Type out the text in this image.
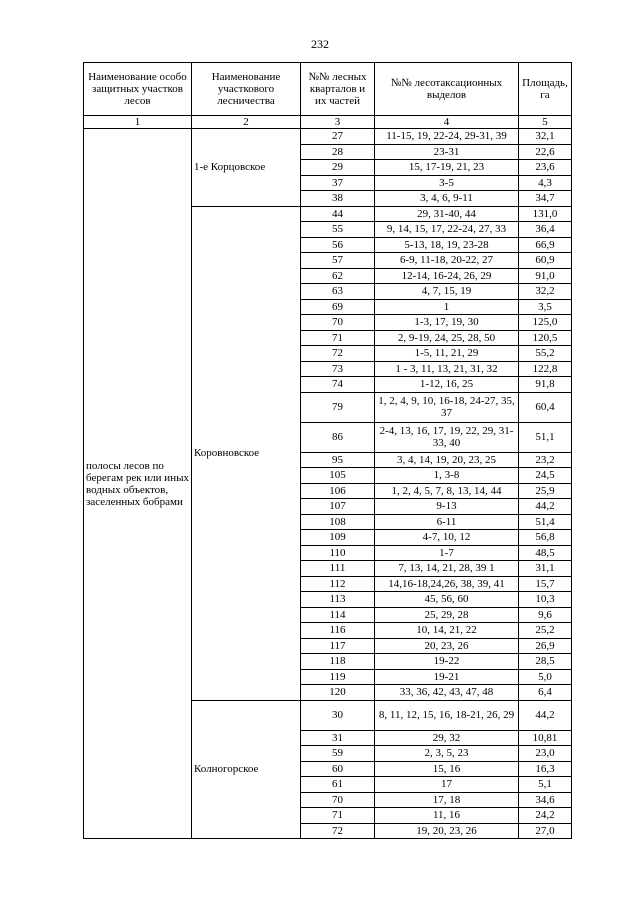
232
Наименование особо защитных участков лесов	Наименование участкового лесничества	№№ лесных кварталов и их частей	№№ лесотаксационных выделов	Площадь, га
1	2	3	4	5
полосы лесов по берегам рек или иных водных объектов, заселенных бобрами	1-е Корцовское	27	11-15, 19, 22-24, 29-31, 39	32,1
		28	23-31	22,6
		29	15, 17-19, 21, 23	23,6
		37	3-5	4,3
		38	3, 4, 6, 9-11	34,7
	Коровновское	44	29, 31-40, 44	131,0
		55	9, 14, 15, 17, 22-24, 27, 33	36,4
		56	5-13, 18, 19, 23-28	66,9
		57	6-9, 11-18, 20-22, 27	60,9
		62	12-14, 16-24, 26, 29	91,0
		63	4, 7, 15, 19	32,2
		69	1	3,5
		70	1-3, 17, 19, 30	125,0
		71	2, 9-19, 24, 25, 28, 50	120,5
		72	1-5, 11, 21, 29	55,2
		73	1 - 3, 11, 13, 21, 31, 32	122,8
		74	1-12, 16, 25	91,8
		79	1, 2, 4, 9, 10, 16-18, 24-27, 35, 37	60,4
		86	2-4, 13, 16, 17, 19, 22, 29, 31-33, 40	51,1
		95	3, 4, 14, 19, 20, 23, 25	23,2
		105	1, 3-8	24,5
		106	1, 2, 4, 5, 7, 8, 13, 14, 44	25,9
		107	9-13	44,2
		108	6-11	51,4
		109	4-7, 10, 12	56,8
		110	1-7	48,5
		111	7, 13, 14, 21, 28, 39 1	31,1
		112	14,16-18,24,26, 38, 39, 41	15,7
		113	45, 56, 60	10,3
		114	25, 29, 28	9,6
		116	10, 14, 21, 22	25,2
		117	20, 23, 26	26,9
		118	19-22	28,5
		119	19-21	5,0
		120	33, 36, 42, 43, 47, 48	6,4
	Колногорское	30	8, 11, 12, 15, 16, 18-21, 26, 29	44,2
		31	29, 32	10,81
		59	2, 3, 5, 23	23,0
		60	15, 16	16,3
		61	17	5,1
		70	17, 18	34,6
		71	11, 16	24,2
		72	19, 20, 23, 26	27,0
